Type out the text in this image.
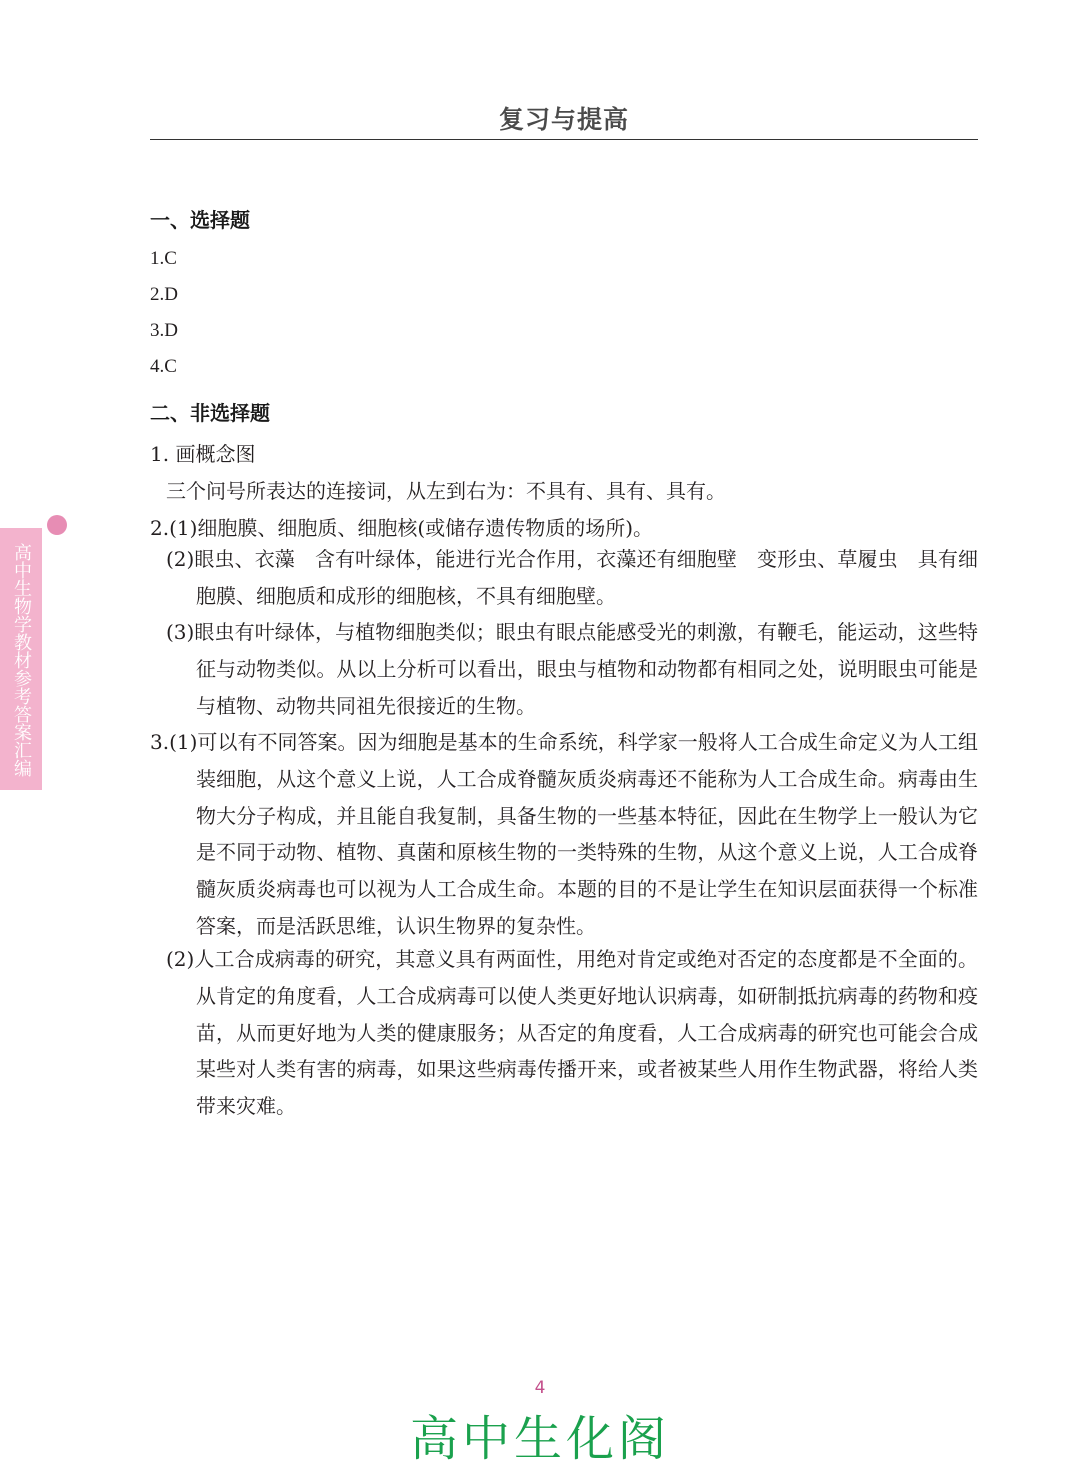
复习与提高
一、选择题
1.C
2.D
3.D
4.C
二、非选择题
1. 画概念图
三个问号所表达的连接词，从左到右为：不具有、具有、具有。
2.(1)细胞膜、细胞质、细胞核(或储存遗传物质的场所)。
(2)眼虫、衣藻　含有叶绿体，能进行光合作用，衣藻还有细胞壁　变形虫、草履虫　具有细胞膜、细胞质和成形的细胞核，不具有细胞壁。
(3)眼虫有叶绿体，与植物细胞类似；眼虫有眼点能感受光的刺激，有鞭毛，能运动，这些特征与动物类似。从以上分析可以看出，眼虫与植物和动物都有相同之处，说明眼虫可能是与植物、动物共同祖先很接近的生物。
3.(1)可以有不同答案。因为细胞是基本的生命系统，科学家一般将人工合成生命定义为人工组装细胞，从这个意义上说，人工合成脊髓灰质炎病毒还不能称为人工合成生命。病毒由生物大分子构成，并且能自我复制，具备生物的一些基本特征，因此在生物学上一般认为它是不同于动物、植物、真菌和原核生物的一类特殊的生物，从这个意义上说，人工合成脊髓灰质炎病毒也可以视为人工合成生命。本题的目的不是让学生在知识层面获得一个标准答案，而是活跃思维，认识生物界的复杂性。
(2)人工合成病毒的研究，其意义具有两面性，用绝对肯定或绝对否定的态度都是不全面的。从肯定的角度看，人工合成病毒可以使人类更好地认识病毒，如研制抵抗病毒的药物和疫苗，从而更好地为人类的健康服务；从否定的角度看，人工合成病毒的研究也可能会合成某些对人类有害的病毒，如果这些病毒传播开来，或者被某些人用作生物武器，将给人类带来灾难。
高中生物学教材参考答案汇编
4
高中生化阁
